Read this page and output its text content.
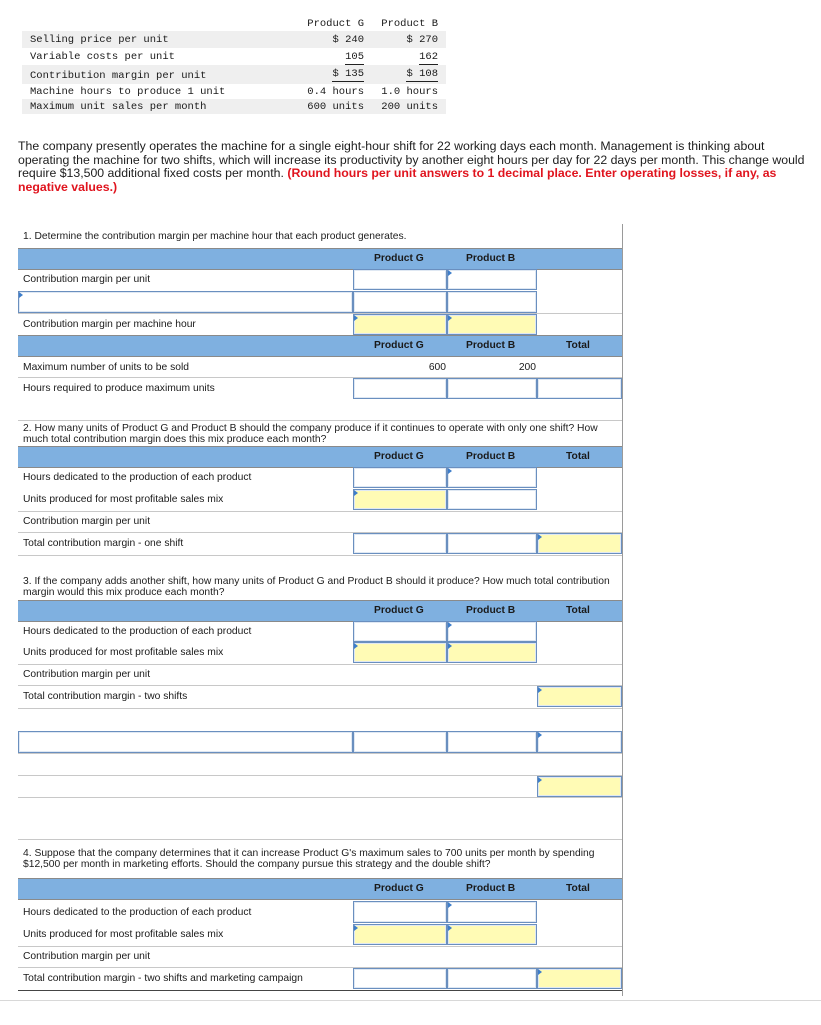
Product G Product B
Selling price per unit	$ 240	$ 270
Variable costs per unit	105	162
Contribution margin per unit	$ 135	$ 108
Machine hours to produce 1 unit	0.4 hours 1.0 hours
Maximum unit sales per month	600 units 200 units
The company presently operates the machine for a single eight-hour shift for 22 working days each month. Management is thinking about operating the machine for two shifts, which will increase its productivity by another eight hours per day for 22 days per month. This change would require $13,500 additional fixed costs per month. (Round hours per unit answers to 1 decimal place. Enter operating losses, if any, as negative values.)
1. Determine the contribution margin per machine hour that each product generates.
Product G	Product B
Contribution margin per unit
Contribution margin per machine hour
Product G	Product B	Total
Maximum number of units to be sold	600	200
Hours required to produce maximum units
2. How many units of Product G and Product B should the company produce if it continues to operate with only one shift? How much total contribution margin does this mix produce each month?
Product G	Product B	Total
Hours dedicated to the production of each product
Units produced for most profitable sales mix
Contribution margin per unit
Total contribution margin - one shift
3. If the company adds another shift, how many units of Product G and Product B should it produce? How much total contribution margin would this mix produce each month?
Product G	Product B	Total
Hours dedicated to the production of each product
Units produced for most profitable sales mix
Contribution margin per unit
Total contribution margin - two shifts
4. Suppose that the company determines that it can increase Product G's maximum sales to 700 units per month by spending $12,500 per month in marketing efforts. Should the company pursue this strategy and the double shift?
Product G	Product B	Total
Hours dedicated to the production of each product
Units produced for most profitable sales mix
Contribution margin per unit
Total contribution margin - two shifts and marketing campaign
